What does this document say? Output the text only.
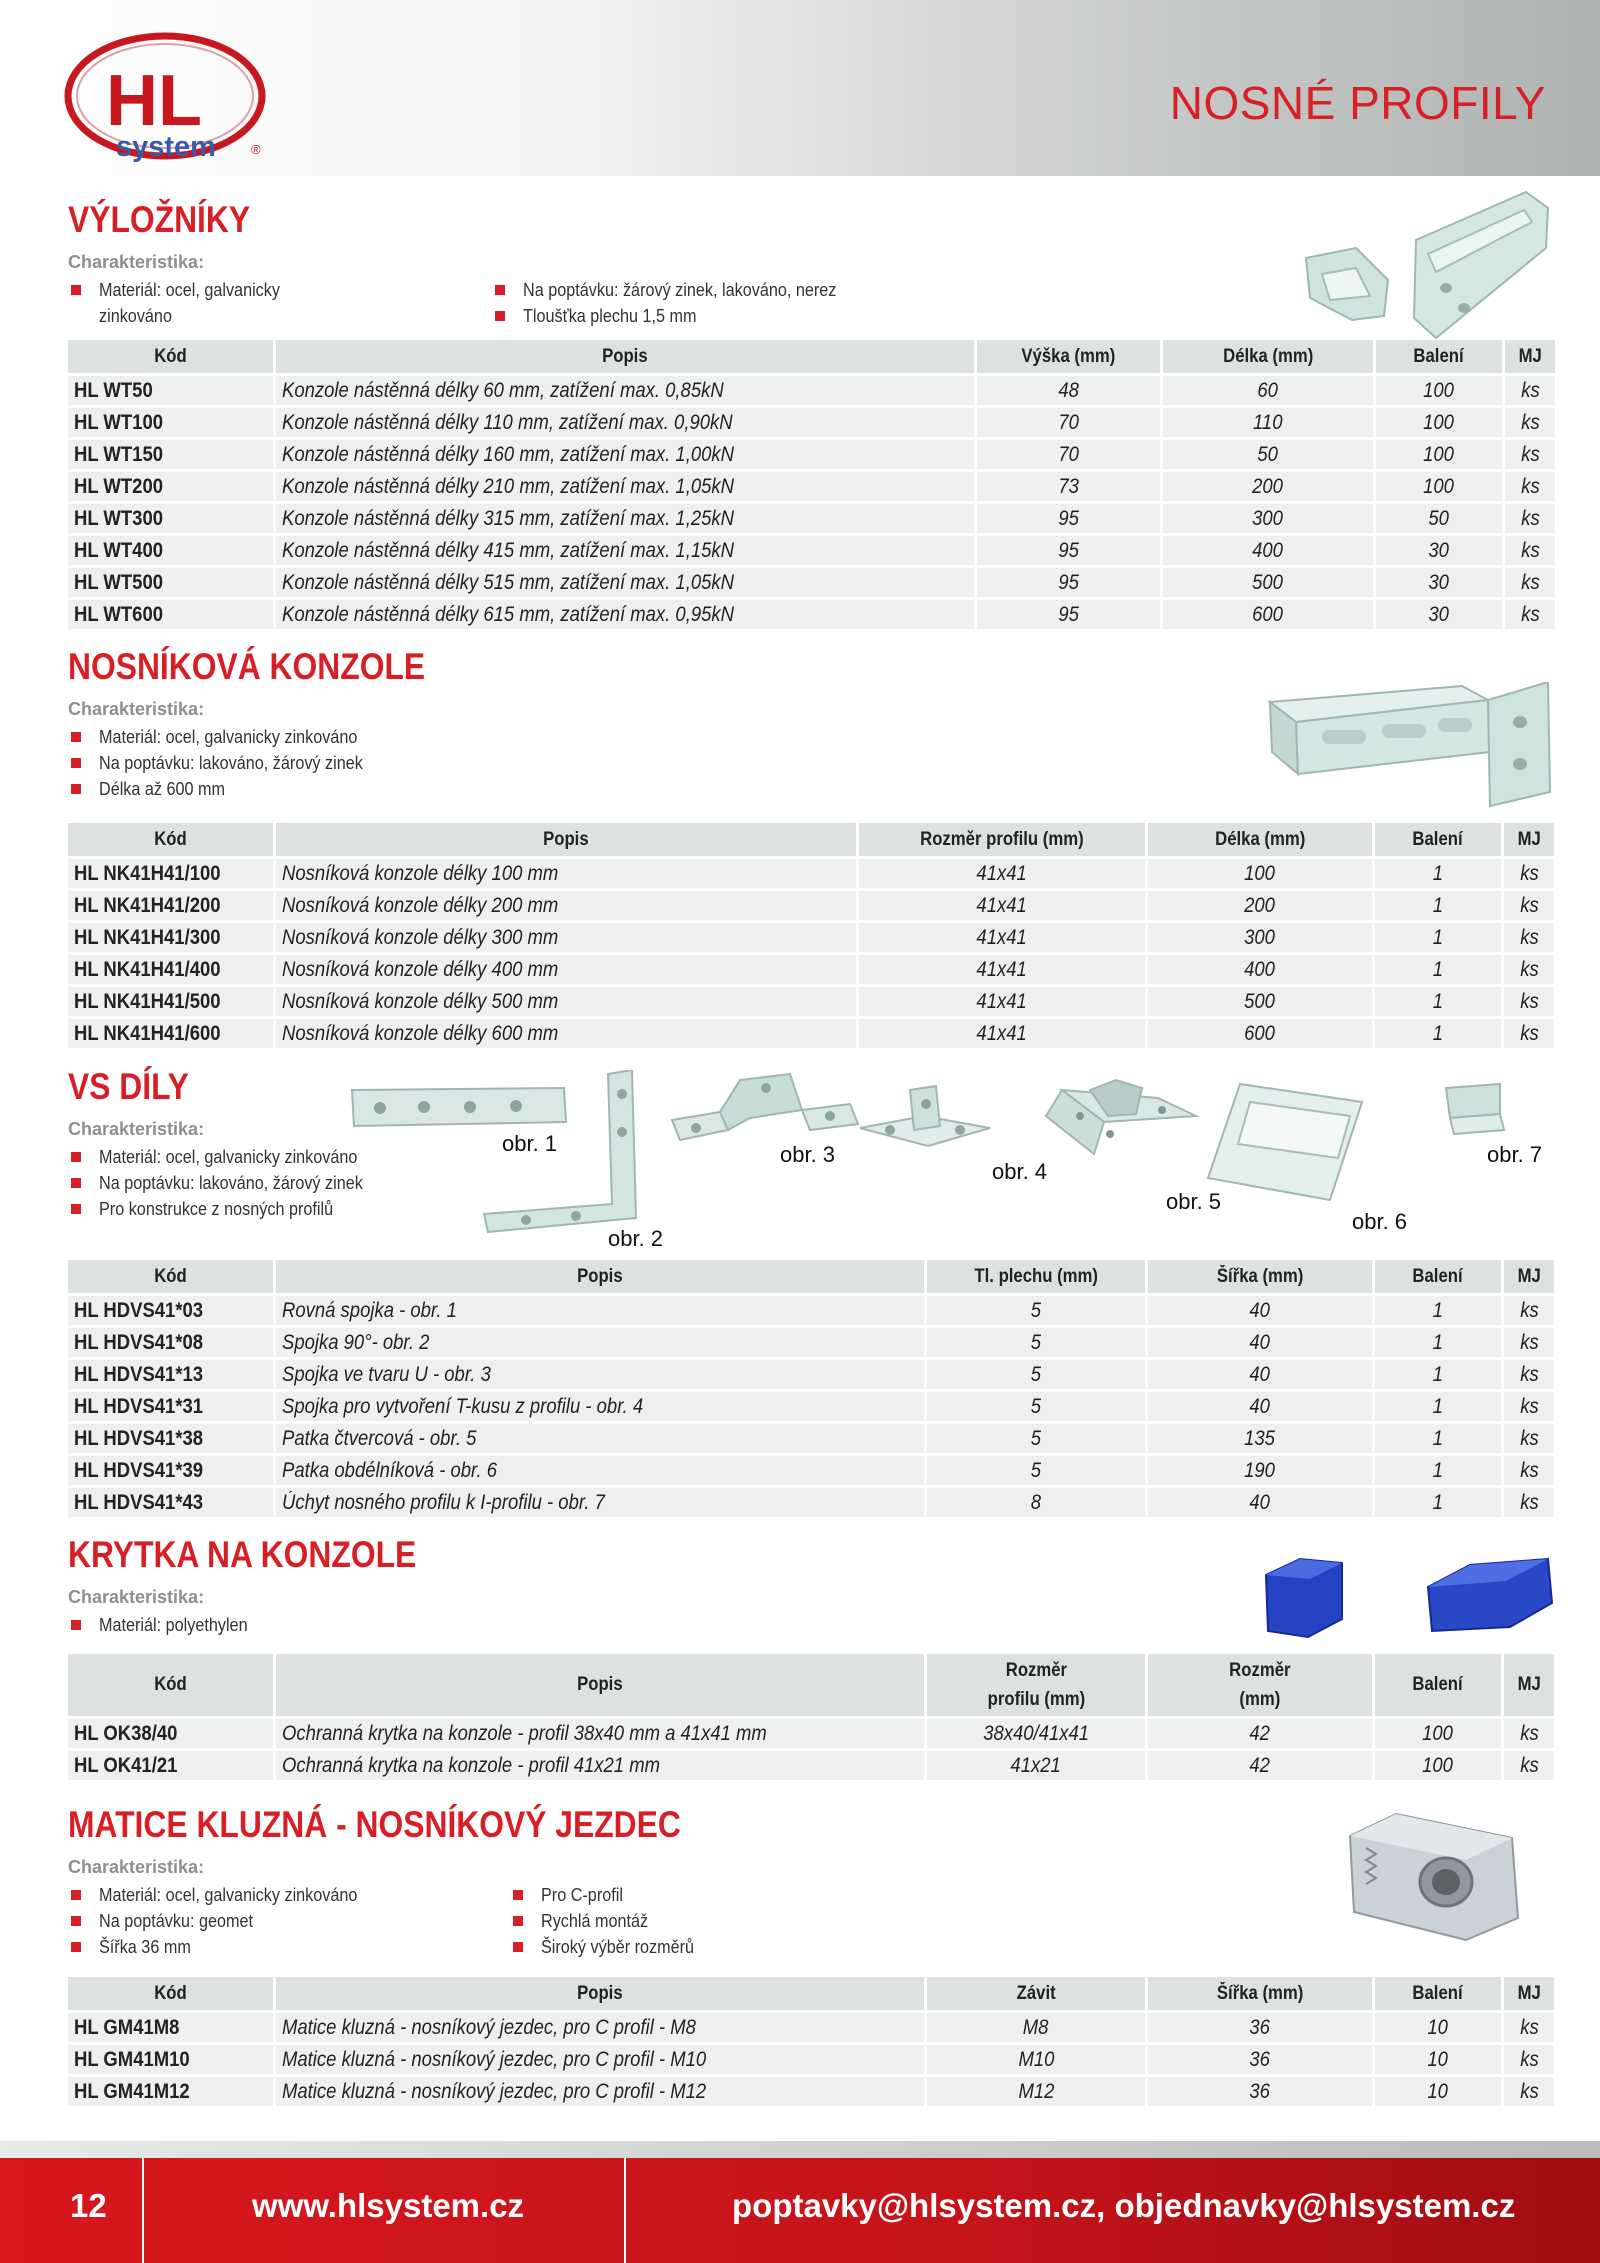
HL
system	®
NOSNÉ PROFILY
VÝLOŽNÍKY
Charakteristika:
Materiál: ocel, galvanicky
zinkováno
Na poptávku: žárový zinek, lakováno, nerez
Tloušťka plechu 1,5 mm
Kód	Popis	Výška (mm)	Délka (mm)	Balení	MJ
HL WT50	Konzole nástěnná délky 60 mm, zatížení max. 0,85kN	48	60	100	ks
HL WT100	Konzole nástěnná délky 110 mm, zatížení max. 0,90kN	70	110	100	ks
HL WT150	Konzole nástěnná délky 160 mm, zatížení max. 1,00kN	70	50	100	ks
HL WT200	Konzole nástěnná délky 210 mm, zatížení max. 1,05kN	73	200	100	ks
HL WT300	Konzole nástěnná délky 315 mm, zatížení max. 1,25kN	95	300	50	ks
HL WT400	Konzole nástěnná délky 415 mm, zatížení max. 1,15kN	95	400	30	ks
HL WT500	Konzole nástěnná délky 515 mm, zatížení max. 1,05kN	95	500	30	ks
HL WT600	Konzole nástěnná délky 615 mm, zatížení max. 0,95kN	95	600	30	ks
NOSNÍKOVÁ KONZOLE
Charakteristika:
Materiál: ocel, galvanicky zinkováno
Na poptávku: lakováno, žárový zinek
Délka až 600 mm
Kód	Popis	Rozměr profilu (mm)	Délka (mm)	Balení	MJ
HL NK41H41/100	Nosníková konzole délky 100 mm	41x41	100	1	ks
HL NK41H41/200	Nosníková konzole délky 200 mm	41x41	200	1	ks
HL NK41H41/300	Nosníková konzole délky 300 mm	41x41	300	1	ks
HL NK41H41/400	Nosníková konzole délky 400 mm	41x41	400	1	ks
HL NK41H41/500	Nosníková konzole délky 500 mm	41x41	500	1	ks
HL NK41H41/600	Nosníková konzole délky 600 mm	41x41	600	1	ks
VS DÍLY
Charakteristika:
Materiál: ocel, galvanicky zinkováno
Na poptávku: lakováno, žárový zinek
Pro konstrukce z nosných profilů
obr. 1
obr. 2
obr. 3
obr. 4
obr. 5
obr. 6
obr. 7
Kód	Popis	Tl. plechu (mm)	Šířka (mm)	Balení	MJ
HL HDVS41*03	Rovná spojka - obr. 1	5	40	1	ks
HL HDVS41*08	Spojka 90°- obr. 2	5	40	1	ks
HL HDVS41*13	Spojka ve tvaru U - obr. 3	5	40	1	ks
HL HDVS41*31	Spojka pro vytvoření T-kusu z profilu - obr. 4	5	40	1	ks
HL HDVS41*38	Patka čtvercová - obr. 5	5	135	1	ks
HL HDVS41*39	Patka obdélníková - obr. 6	5	190	1	ks
HL HDVS41*43	Úchyt nosného profilu k I-profilu - obr. 7	8	40	1	ks
KRYTKA NA KONZOLE
Charakteristika:
Materiál: polyethylen
Kód	Popis	Rozměr
profilu (mm)	Rozměr
(mm)	Balení	MJ
HL OK38/40	Ochranná krytka na konzole - profil 38x40 mm a 41x41 mm	38x40/41x41	42	100	ks
HL OK41/21	Ochranná krytka na konzole - profil 41x21 mm	41x21	42	100	ks
MATICE KLUZNÁ - NOSNÍKOVÝ JEZDEC
Charakteristika:
Materiál: ocel, galvanicky zinkováno
Na poptávku: geomet
Šířka 36 mm
Pro C-profil
Rychlá montáž
Široký výběr rozměrů
Kód	Popis	Závit	Šířka (mm)	Balení	MJ
HL GM41M8	Matice kluzná - nosníkový jezdec, pro C profil - M8	M8	36	10	ks
HL GM41M10	Matice kluzná - nosníkový jezdec, pro C profil - M10	M10	36	10	ks
HL GM41M12	Matice kluzná - nosníkový jezdec, pro C profil - M12	M12	36	10	ks
12	www.hlsystem.cz	poptavky@hlsystem.cz, objednavky@hlsystem.cz
